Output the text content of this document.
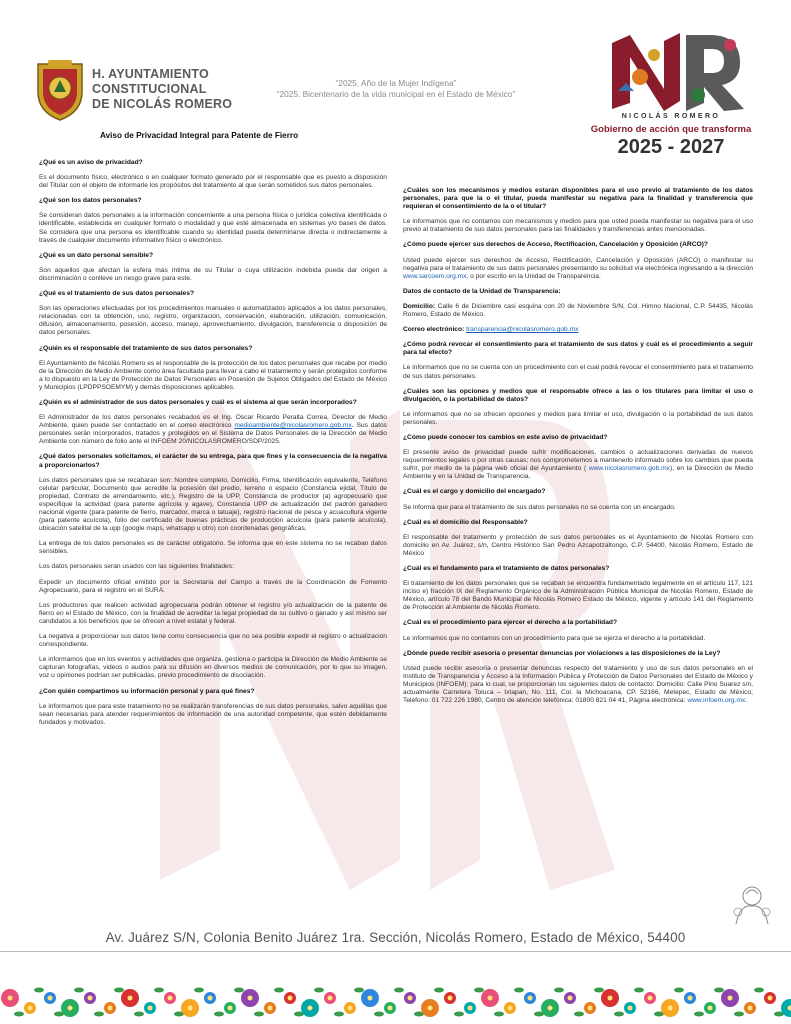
H. AYUNTAMIENTO
CONSTITUCIONAL
DE NICOLÁS ROMERO
“2025. Año de la Mujer Indígena”
“2025. Bicentenario de la vida municipal en el Estado de México”
NICOLÁS ROMERO
Gobierno de acción que transforma
2025 - 2027
Aviso de Privacidad Integral para Patente de Fierro
¿Qué es un aviso de privacidad?

Es el documento físico, electrónico o en cualquier formato generado por el responsable que es puesto a disposición del Titular con el objeto de informarle los propósitos del tratamiento al que serán sometidos sus datos personales.

¿Qué son los datos personales?

Se consideran datos personales a la información concerniente a una persona física o jurídica colectiva identificada o identificable, establecida en cualquier formato o modalidad y que esté almacenada en sistemas y/o bases de datos. Se considera que una persona es identificable cuando su identidad pueda determinarse directa o indirectamente a través de cualquier documento informativo físico o electrónico.

¿Qué es un dato personal sensible?

Son aquellos que afectan la esfera más íntima de su Titular o cuya utilización indebida pueda dar origen a discriminación o conlleve un riesgo grave para este.

¿Qué es el tratamiento de sus datos personales?

Son las operaciones efectuadas por los procedimientos manuales o automatizados aplicados a los datos personales, relacionadas con la obtención, uso, registro, organización, conservación, elaboración, utilización, comunicación, difusión, almacenamiento, posesión, acceso, manejo, aprovechamiento, divulgación, transferencia o disposición de datos personales.

¿Quién es el responsable del tratamiento de sus datos personales?

El Ayuntamiento de Nicolás Romero es el responsable de la protección de los datos personales que recabe por medio de la Dirección de Medio Ambiente como área facultada para llevar a cabo el tratamiento y serán protegidos conforme a lo dispuesto en la Ley de Protección de Datos Personales en Posesión de Sujetos Obligados del Estado de México y Municipios (LPDPPSOEMYM) y demás disposiciones aplicables.

¿Quién es el administrador de sus datos personales y cuál es el sistema al que serán incorporados?

El Administrador de los datos personales recabados es el Ing. Oscar Ricardo Peralta Correa, Director de Medio Ambiente, quien puede ser contactado en el correo electrónico medioambiente@nicolasromero.gob.mx. Sus datos personales serán incorporados, tratados y protegidos en el Sistema de Datos Personales de la Dirección de Medio Ambiente con número de folio ante el INFOEM 20/NICOLASROMERO/SDP/2025.

¿Qué datos personales solicitamos, el carácter de su entrega, para que fines y la consecuencia de la negativa a proporcionarlos?

Los datos personales que se recabaran son: Nombre completo, Domicilio, Firma, Identificación equivalente, Teléfono celular particular, Documento que acredite la posesión del predio, terreno o espacio (Constancia ejidal, Título de propiedad, Contrato de arrendamiento, etc.), Registro de la UPP, Constancia de productor (a) agropecuario que especifique la actividad (para patente agrícola y agave), Constancia UPP de actualización del padrón ganadero nacional vigente (para patente de fierro, marcador, marca o tatuaje), registro nacional de pesca y acuacultura vigente (para patente acuícola), folio del certificado de buenas prácticas de producción acuícola (para patente acuícola), ubicación satelital de la upp (google maps, whatsapp u otro) con coordenadas geográficas.

La entrega de los datos personales es de carácter obligatorio. Se informa que en este sistema no se recaban datos sensibles.

Los datos personales seran usados con las siguientes finalidades:

Expedir un documento oficial emitido por la Secretaría del Campo a través de la Coordinación de Fomento Agropecuario, para el registro en el SURA.

Los productores que realicen actividad agropecuaria podrán obtener el registro y/o actualización de la patente de fierro en el Estado de México, con la finalidad de acreditar la legal propiedad de su cultivo o ganado y así mismo ser candidatos a los beneficios que se ofrecen a nivel estatal y federal.

La negativa a proporcionar sus datos tiene como consecuencia que no sea posible expedir el registro o actualización correspondiente.

Le informamos que en los eventos y actividades que organiza, gestiona o participa la Dirección de Medio Ambiente se capturan fotografías, videos o audios para su difusión en diversos medios de comunicación, por lo que su imagen, voz u opiniones podrían ser publicadas, previo procedimiento de disociación.

¿Con quién compartimos su información personal y para qué fines?

Le informamos que para este tratamiento no se realizarán transferencias de sus datos personales, salvo aquéllas que sean necesarias para atender requerimientos de información de una autoridad competente, que estén debidamente fundados y motivados.

¿Cuáles son los mecanismos y medios estarán disponibles para el uso previo al tratamiento de los datos personales, para que la o el titular, pueda manifestar su negativa para la finalidad y transferencia que requieran el consentimiento de la o el titular?

Le informamos que no contamos con mecanismos y medios para que usted pueda manifestar su negativa para el uso previo al tratamiento de sus datos personales para las finalidades y transferencias antes mencionadas.

¿Cómo puede ejercer sus derechos de Acceso, Rectificación, Cancelación y Oposición (ARCO)?

Usted puede ejercer sus derechos de Acceso, Rectificación, Cancelación y Oposición (ARCO) o manifestar su negativa para el tratamiento de sus datos personales presentando su solicitud vía electrónica ingresando a la dirección www.sarcoem.org.mx, o por escrito en la Unidad de Transparencia.

Datos de contacto de la Unidad de Transparencia:

Domicilio: Calle 6 de Diciembre casi esquina con 20 de Noviembre S/N, Col. Himno Nacional, C.P. 54435, Nicolás Romero, Estado de México.

Correo electrónico: transparencia@nicolasromero.gob.mx

¿Cómo podrá revocar el consentimiento para el tratamiento de sus datos y cuál es el procedimiento a seguir para tal efecto?

Le informamos que no se cuenta con un procedimiento con el cual podrá revocar el consentimiento para el tratamiento de sus datos personales.

¿Cuáles son las opciones y medios que el responsable ofrece a las o los titulares para limitar el uso o divulgación, o la portabilidad de datos?

Le informamos que no se ofrecen opciones y medios para limitar el uso, divulgación o la portabilidad de sus datos personales.

¿Cómo puede conocer los cambios en este aviso de privacidad?

El presente aviso de privacidad puede sufrir modificaciones, cambios o actualizaciones derivadas de nuevos requerimientos legales o por otras causas; nos comprometemos a mantenerlo informado sobre los cambios que pueda sufrir, por medio de la página web oficial del Ayuntamiento ( www.nicolasromero.gob.mx), en la Dirección de Medio Ambiente y en la Unidad de Transparencia.

¿Cuál es el cargo y domicilio del encargado?

Se informa que para el tratamiento de sus datos personales no se cuenta con un encargado.

¿Cuál es el domicilio del Responsable?

El responsable del tratamiento y protección de sus datos personales es el Ayuntamiento de Nicolás Romero con domicilio en Av. Juárez, s/n, Centro Histórico San Pedro Azcapotzaltongo, C.P. 54400, Nicolás Romero, Estado de México

¿Cuál es el fundamento para el tratamiento de datos personales?

El tratamiento de los datos personales que se recaban se encuentra fundamentado legalmente en el artículo 117, 121 inciso e) fracción IX del Reglamento Orgánico de la Administración Pública Municipal de Nicolás Romero, Estado de México, artículo 78 del Bando Municipal de Nicolás Romero Estado de México, vigente y artículo 141 del Reglamento de Protección al Ambiente de Nicolás Romero.

¿Cuál es el procedimiento para ejercer el derecho a la portabilidad?

Le informamos que no contamos con un procedimiento para que se ejerza el derecho a la portabilidad.

¿Dónde puede recibir asesoría o presentar denuncias por violaciones a las disposiciones de la Ley?

Usted puede recibir asesoría o presentar denuncias respecto del tratamiento y uso de sus datos personales en el Instituto de Transparencia y Acceso a la Información Pública y Protección de Datos Personales del Estado de México y Municipios (INFOEM); para lo cual, se proporcionan los siguientes datos de contacto: Domicilio: Calle Pino Suarez s/n, actualmente Carretera Toluca – Ixtapan, No. 111, Col. la Michoacana, CP. 52166, Metepec, Estado de México; Teléfono: 01 722 226 1980, Centro de atención telefónica: 01800 821 04 41, Página electrónica: www.infoem.org.mx.

Av. Juárez S/N, Colonia Benito Juárez 1ra. Sección, Nicolás Romero, Estado de México, 54400
